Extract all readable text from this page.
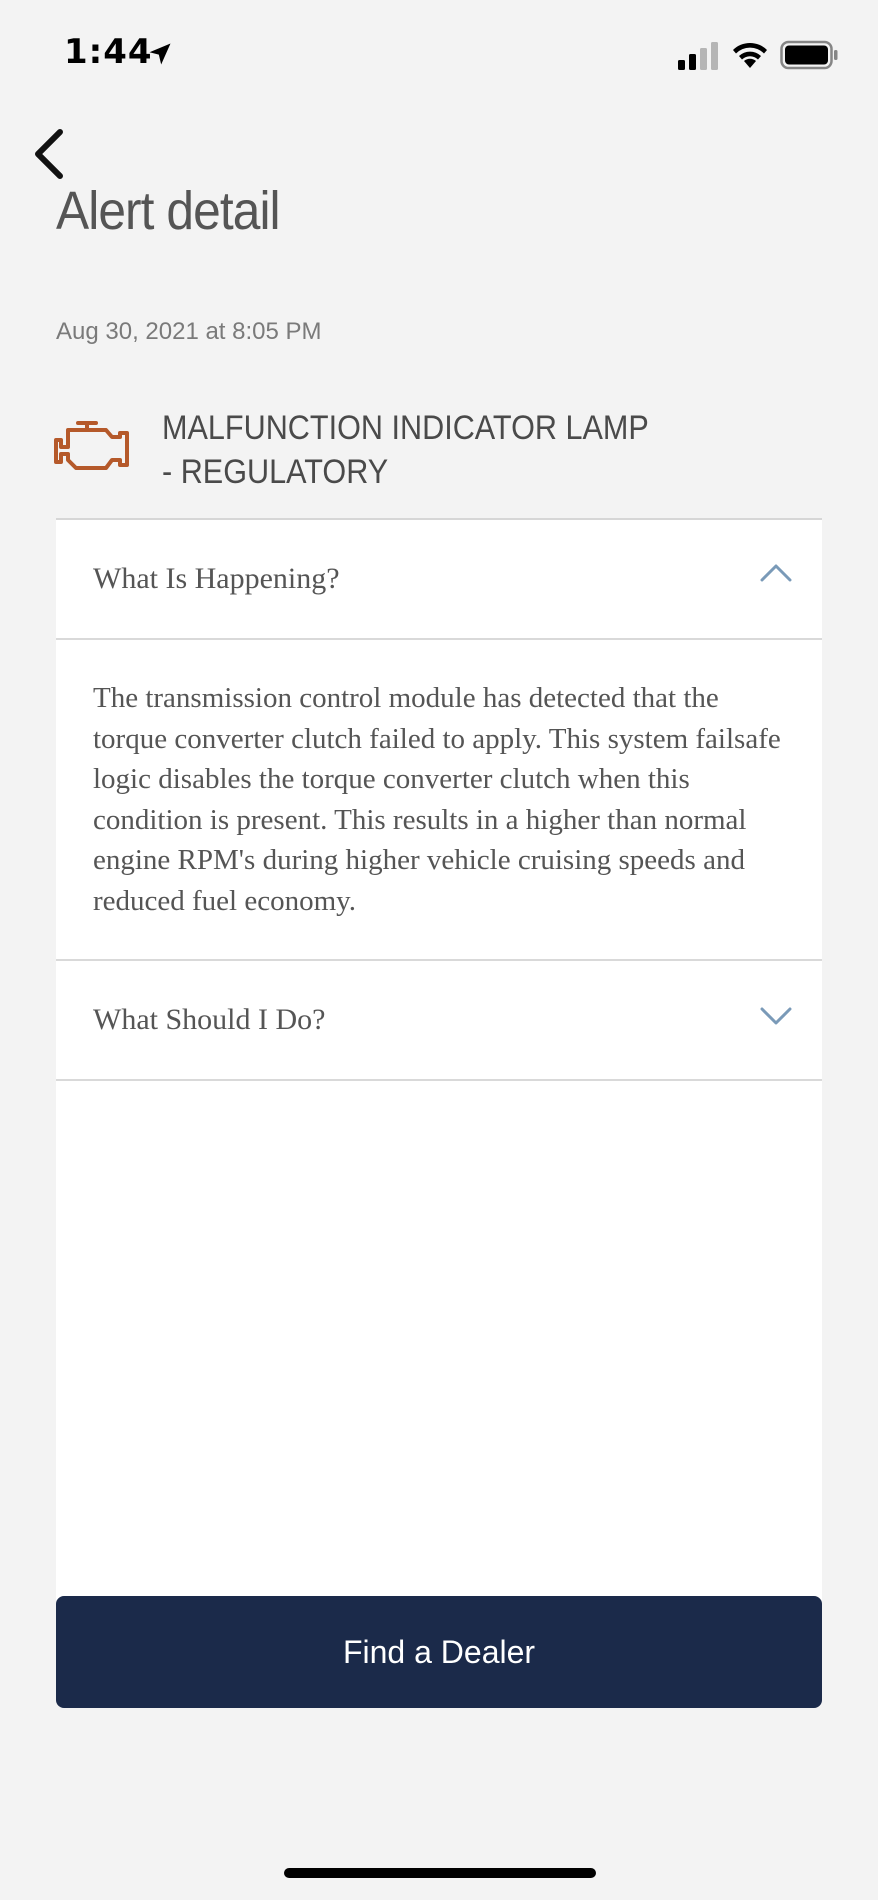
1:44
Alert detail
Aug 30, 2021 at 8:05 PM
MALFUNCTION INDICATOR LAMP
- REGULATORY
What Is Happening?
The transmission control module has detected that the torque converter clutch failed to apply. This system failsafe logic disables the torque converter clutch when this condition is present. This results in a higher than normal engine RPM's during higher vehicle cruising speeds and reduced fuel economy.
What Should I Do?
Find a Dealer
